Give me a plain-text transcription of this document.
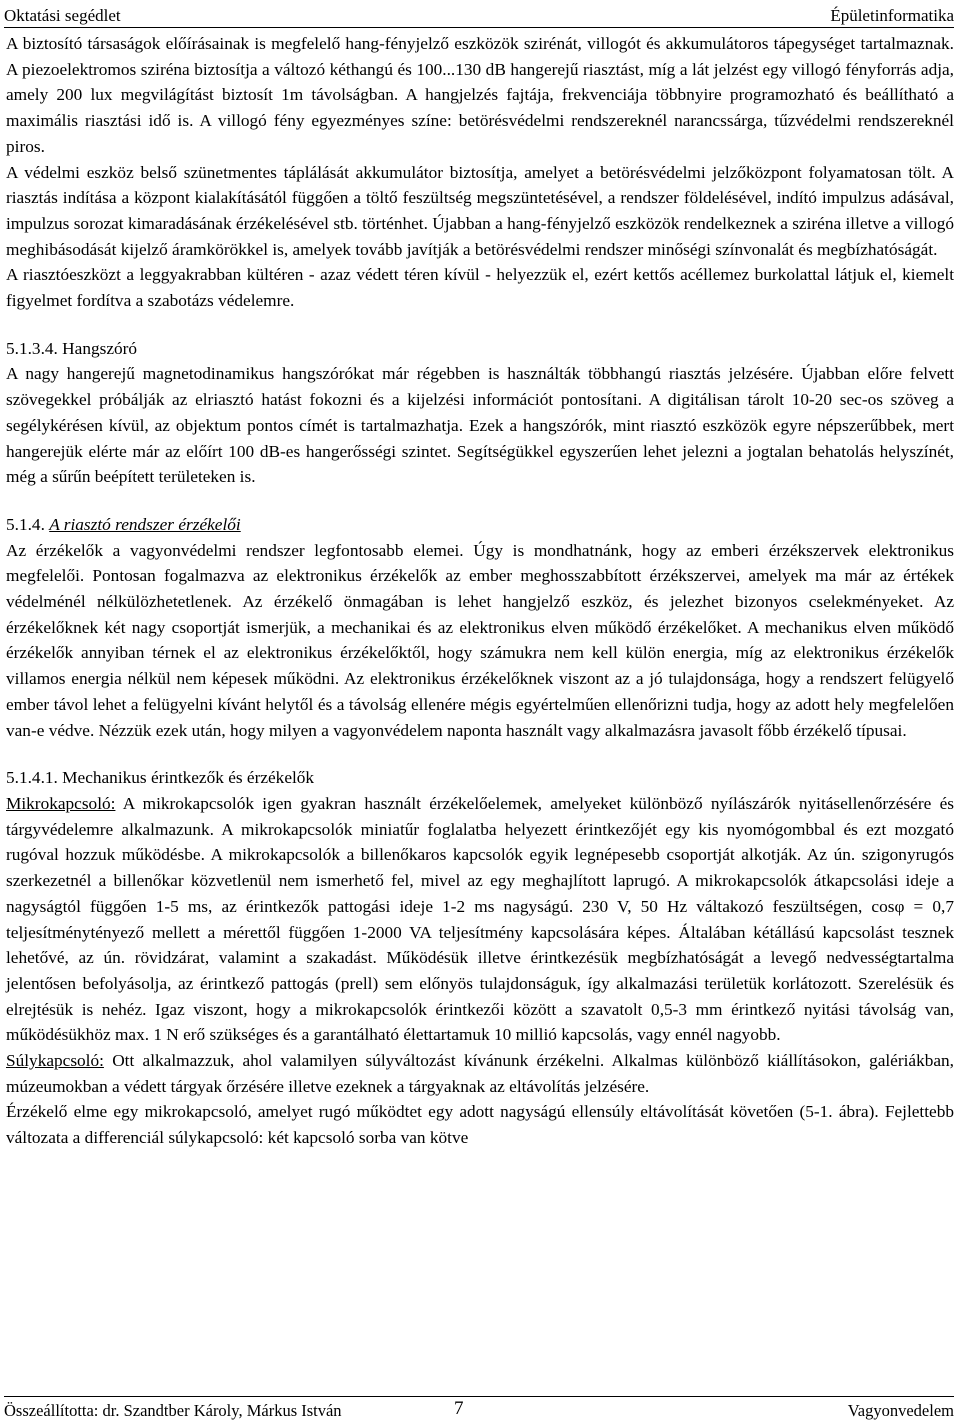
Oktatási segédlet	Épületinformatika

A biztosító társaságok előírásainak is megfelelő hang-fényjelző eszközök szirénát, villogót és akkumulátoros tápegységet tartalmaznak. A piezoelektromos sziréna biztosítja a változó kéthangú és 100...130 dB hangerejű riasztást, míg a lát jelzést egy villogó fényforrás adja, amely 200 lux megvilágítást biztosít 1m távolságban. A hangjelzés fajtája, frekvenciája többnyire programozható és beállítható a maximális riasztási idő is. A villogó fény egyezményes színe: betörésvédelmi rendszereknél narancssárga, tűzvédelmi rendszereknél piros.

A védelmi eszköz belső szünetmentes táplálását akkumulátor biztosítja, amelyet a betörésvédelmi jelzőközpont folyamatosan tölt. A riasztás indítása a központ kialakításától függően a töltő feszültség megszüntetésével, a rendszer földelésével, indító impulzus adásával, impulzus sorozat kimaradásának érzékelésével stb. történhet. Újabban a hang-fényjelző eszközök rendelkeznek a sziréna illetve a villogó meghibásodását kijelző áramkörökkel is, amelyek tovább javítják a betörésvédelmi rendszer minőségi színvonalát és megbízhatóságát.

A riasztóeszközt a leggyakrabban kültéren - azaz védett téren kívül - helyezzük el, ezért kettős acéllemez burkolattal látjuk el, kiemelt figyelmet fordítva a szabotázs védelemre.

5.1.3.4. Hangszóró

A nagy hangerejű magnetodinamikus hangszórókat már régebben is használták többhangú riasztás jelzésére. Újabban előre felvett szövegekkel próbálják az elriasztó hatást fokozni és a kijelzési információt pontosítani. A digitálisan tárolt 10-20 sec-os szöveg a segélykérésen kívül, az objektum pontos címét is tartalmazhatja. Ezek a hangszórók, mint riasztó eszközök egyre népszerűbbek, mert hangerejük elérte már az előírt 100 dB-es hangerősségi szintet. Segítségükkel egyszerűen lehet jelezni a jogtalan behatolás helyszínét, még a sűrűn beépített területeken is.

5.1.4. A riasztó rendszer érzékelői

Az érzékelők a vagyonvédelmi rendszer legfontosabb elemei. Úgy is mondhatnánk, hogy az emberi érzékszervek elektronikus megfelelői. Pontosan fogalmazva az elektronikus érzékelők az ember meghosszabbított érzékszervei, amelyek ma már az értékek védelménél nélkülözhetetlenek. Az érzékelő önmagában is lehet hangjelző eszköz, és jelezhet bizonyos cselekményeket. Az érzékelőknek két nagy csoportját ismerjük, a mechanikai és az elektronikus elven működő érzékelőket. A mechanikus elven működő érzékelők annyiban térnek el az elektronikus érzékelőktől, hogy számukra nem kell külön energia, míg az elektronikus érzékelők villamos energia nélkül nem képesek működni. Az elektronikus érzékelőknek viszont az a jó tulajdonsága, hogy a rendszert felügyelő ember távol lehet a felügyelni kívánt helytől és a távolság ellenére mégis egyértelműen ellenőrizni tudja, hogy az adott hely megfelelően van-e védve. Nézzük ezek után, hogy milyen a vagyonvédelem naponta használt vagy alkalmazásra javasolt főbb érzékelő típusai.

5.1.4.1. Mechanikus érintkezők és érzékelők

Mikrokapcsoló: A mikrokapcsolók igen gyakran használt érzékelőelemek, amelyeket különböző nyílászárók nyitásellenőrzésére és tárgyvédelemre alkalmazunk. A mikrokapcsolók miniatűr foglalatba helyezett érintkezőjét egy kis nyomógombbal és ezt mozgató rugóval hozzuk működésbe. A mikrokapcsolók a billenőkaros kapcsolók egyik legnépesebb csoportját alkotják. Az ún. szigonyrugós szerkezetnél a billenőkar közvetlenül nem ismerhető fel, mivel az egy meghajlított laprugó. A mikrokapcsolók átkapcsolási ideje a nagyságtól függően 1-5 ms, az érintkezők pattogási ideje 1-2 ms nagyságú. 230 V, 50 Hz váltakozó feszültségen, cosφ = 0,7 teljesítménytényező mellett a mérettől függően 1-2000 VA teljesítmény kapcsolására képes. Általában kétállású kapcsolást tesznek lehetővé, az ún. rövidzárat, valamint a szakadást. Működésük illetve érintkezésük megbízhatóságát a levegő nedvességtartalma jelentősen befolyásolja, az érintkező pattogás (prell) sem előnyös tulajdonságuk, így alkalmazási területük korlátozott. Szerelésük és elrejtésük is nehéz. Igaz viszont, hogy a mikrokapcsolók érintkezői között a szavatolt 0,5-3 mm érintkező nyitási távolság van, működésükhöz max. 1 N erő szükséges és a garantálható élettartamuk 10 millió kapcsolás, vagy ennél nagyobb.

Súlykapcsoló: Ott alkalmazzuk, ahol valamilyen súlyváltozást kívánunk érzékelni. Alkalmas különböző kiállításokon, galériákban, múzeumokban a védett tárgyak őrzésére illetve ezeknek a tárgyaknak az eltávolítás jelzésére.

Érzékelő elme egy mikrokapcsoló, amelyet rugó működtet egy adott nagyságú ellensúly eltávolítását követően (5-1. ábra). Fejlettebb változata a differenciál súlykapcsoló: két kapcsoló sorba van kötve

Összeállította: dr. Szandtber Károly, Márkus István	7	Vagyonvedelem
